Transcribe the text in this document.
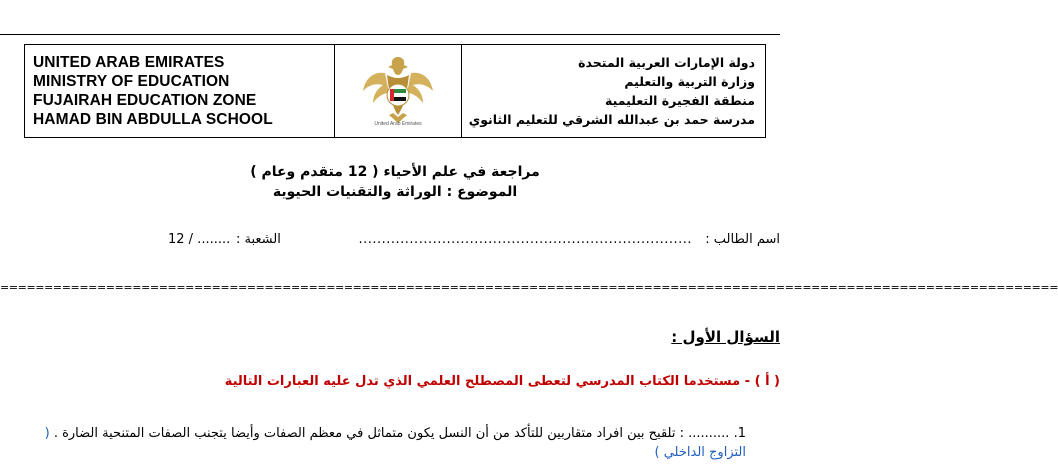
UNITED ARAB EMIRATES
MINISTRY OF EDUCATION
FUJAIRAH EDUCATION ZONE
HAMAD BIN ABDULLA SCHOOL	United Arab Emirates
دولة الإمارات العربية المتحدة
وزارة التربية والتعليم
منطقة الفجيرة التعليمية
مدرسة حمد بن عبدالله الشرقي للتعليم الثانوي
مراجعة في علم الأحياء ( 12 متقدم وعام )
الموضوع : الوراثة والتقنيات الحيوية
اسم الطالب :
........................................................................
الشعبة :
12 / ........
========================================================================================================================
السؤال الأول :
( أ ) - مستخدما الكتاب المدرسي لتعطى المصطلح العلمي الذي تدل عليه العبارات التالية
1. .......... : تلقيح بين افراد متقاربين للتأكد من أن النسل يكون متماثل في معظم الصفات وأيضا يتجنب الصفات المتنحية الضارة . ( التزاوج الداخلي )
